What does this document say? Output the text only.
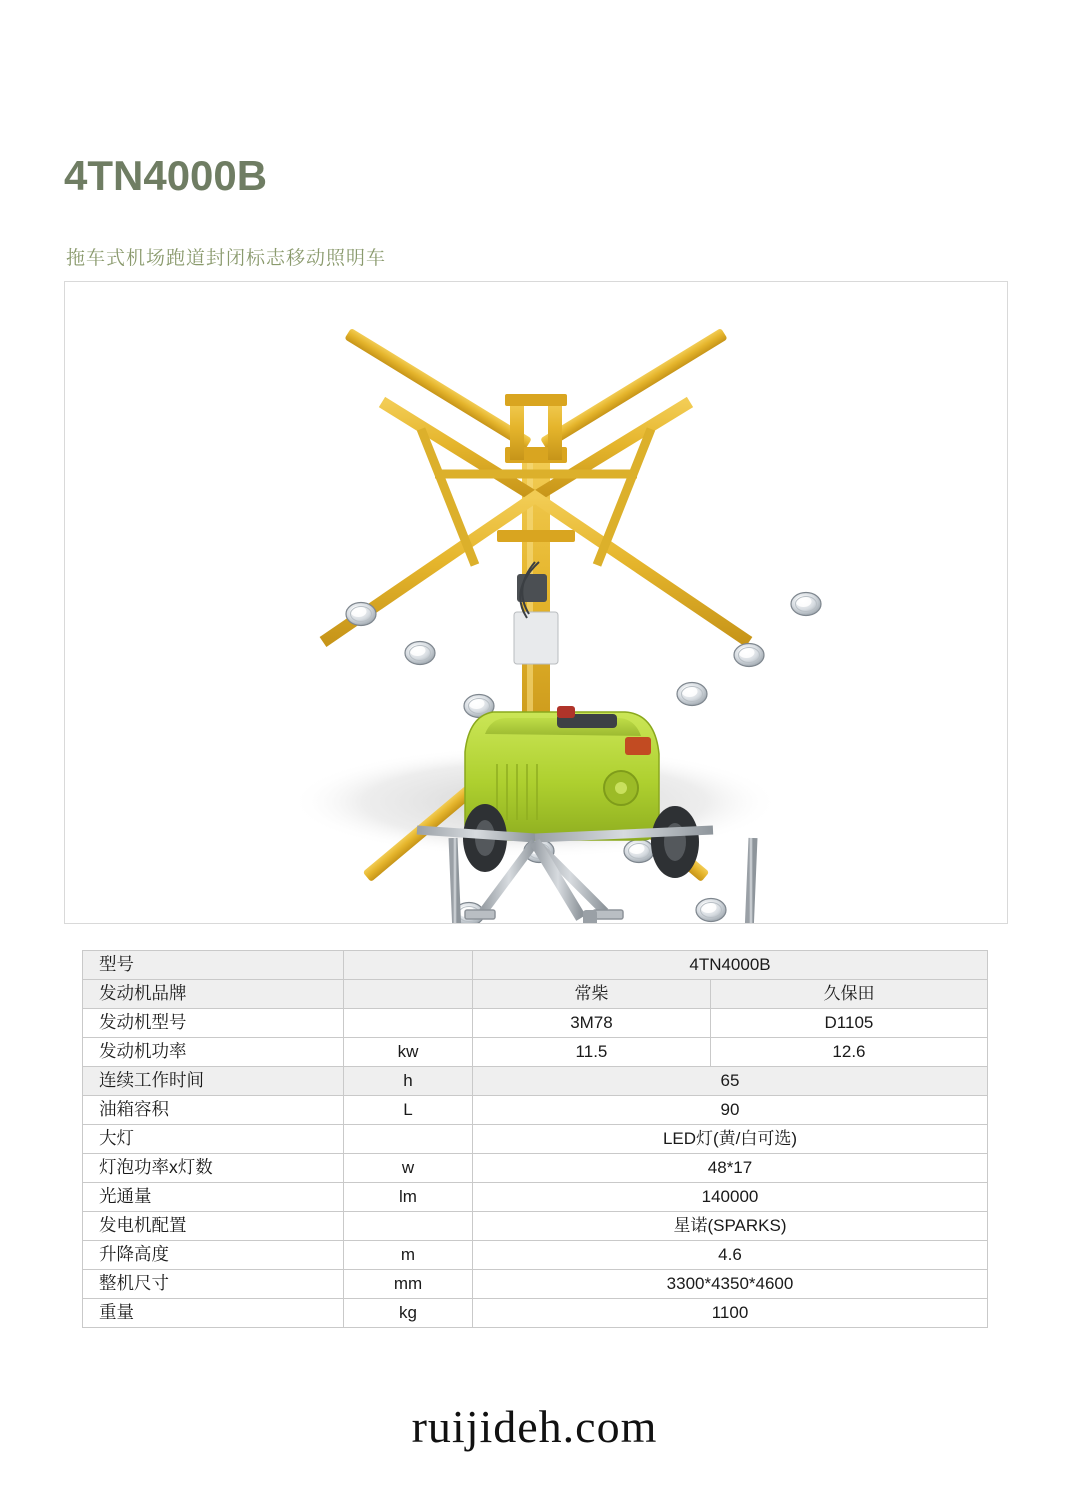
4TN4000B
拖车式机场跑道封闭标志移动照明车
型号		4TN4000B	
发动机品牌		常柴	久保田
发动机型号		3M78	D1105
发动机功率	kw	11.5	12.6
连续工作时间	h	65	
油箱容积	L	90	
大灯		LED灯(黄/白可选)	
灯泡功率x灯数	w	48*17	
光通量	lm	140000	
发电机配置		星诺(SPARKS)	
升降高度	m	4.6	
整机尺寸	mm	3300*4350*4600	
重量	kg	1100	
ruijideh.com
